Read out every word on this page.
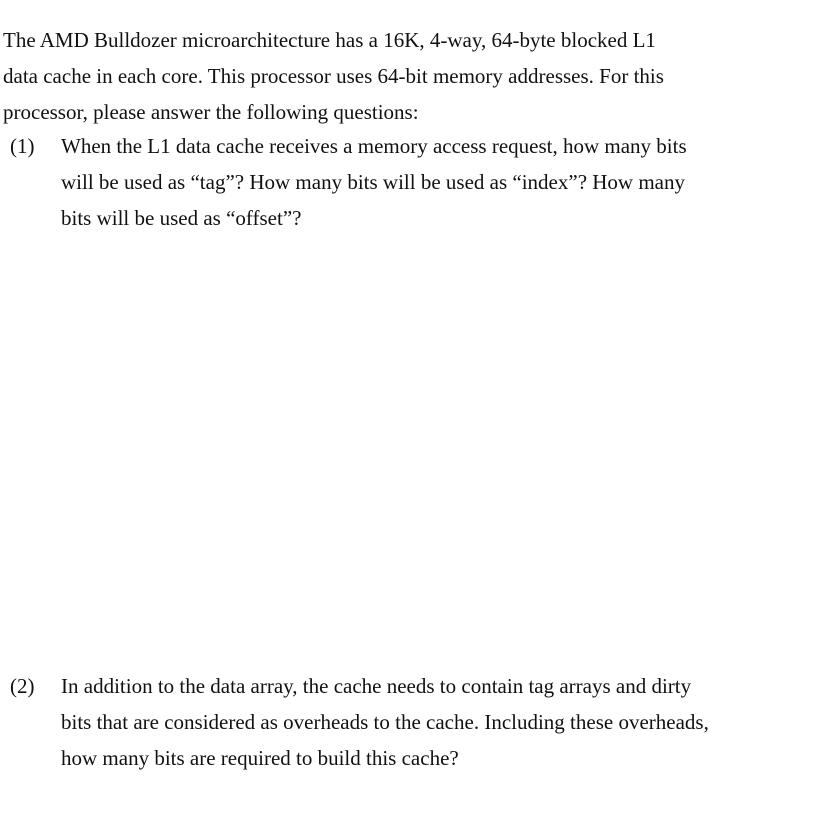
The AMD Bulldozer microarchitecture has a 16K, 4-way, 64-byte blocked L1
data cache in each core. This processor uses 64-bit memory addresses. For this
processor, please answer the following questions:
(1) When the L1 data cache receives a memory access request, how many bits
will be used as “tag”? How many bits will be used as “index”? How many
bits will be used as “offset”?
(2) In addition to the data array, the cache needs to contain tag arrays and dirty
bits that are considered as overheads to the cache. Including these overheads,
how many bits are required to build this cache?
